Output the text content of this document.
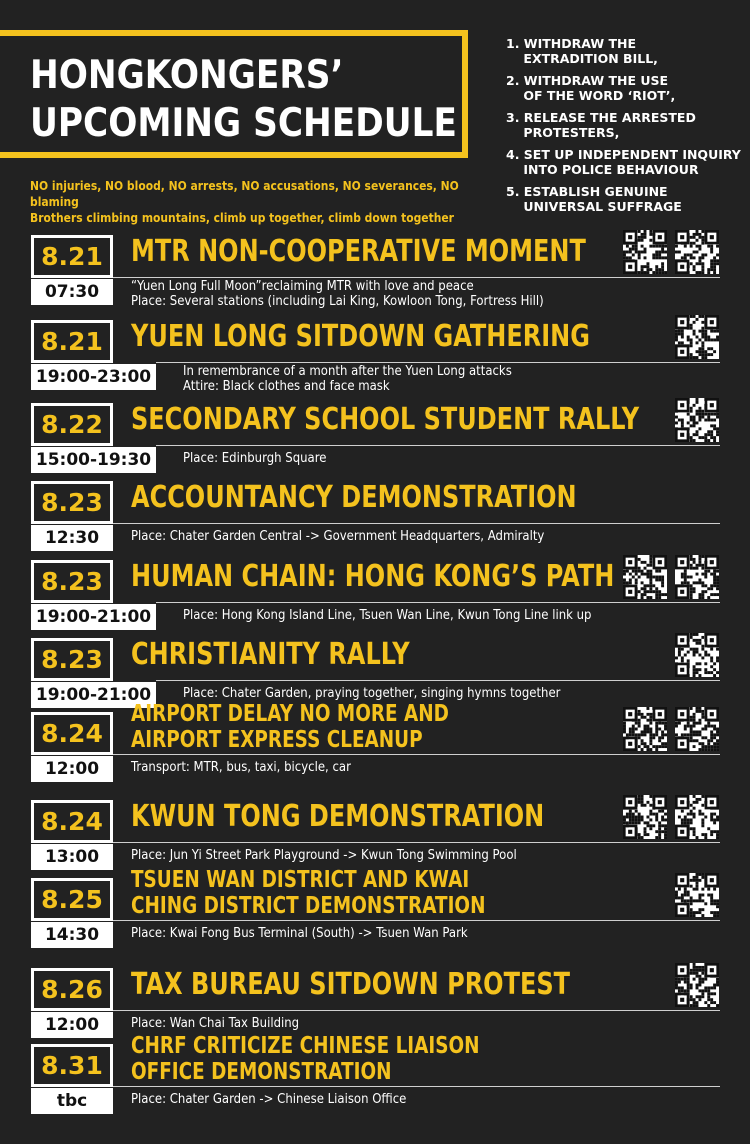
HONGKONGERS’
UPCOMING SCHEDULE
NO injuries, NO blood, NO arrests, NO accusations, NO severances, NO blaming
Brothers climbing mountains, climb up together, climb down together
1. WITHDRAW THE
EXTRADITION BILL,
2. WITHDRAW THE USE
OF THE WORD ‘RIOT’,
3. RELEASE THE ARRESTED
PROTESTERS,
4. SET UP INDEPENDENT INQUIRY
INTO POLICE BEHAVIOUR
5. ESTABLISH GENUINE
UNIVERSAL SUFFRAGE
8.21
07:30
MTR NON-COOPERATIVE MOMENT
“Yuen Long Full Moon”reclaiming MTR with love and peace
Place: Several stations (including Lai King, Kowloon Tong, Fortress Hill)
8.21
19:00-23:00
YUEN LONG SITDOWN GATHERING
In remembrance of a month after the Yuen Long attacks
Attire: Black clothes and face mask
8.22
15:00-19:30
SECONDARY SCHOOL STUDENT RALLY
Place: Edinburgh Square
8.23
12:30
ACCOUNTANCY DEMONSTRATION
Place: Chater Garden Central -> Government Headquarters, Admiralty
8.23
19:00-21:00
HUMAN CHAIN: HONG KONG’S PATH
Place: Hong Kong Island Line, Tsuen Wan Line, Kwun Tong Line link up
8.23
19:00-21:00
CHRISTIANITY RALLY
Place: Chater Garden, praying together, singing hymns together
8.24
12:00
AIRPORT DELAY NO MORE AND
AIRPORT EXPRESS CLEANUP
Transport: MTR, bus, taxi, bicycle, car
8.24
13:00
KWUN TONG DEMONSTRATION
Place: Jun Yi Street Park Playground -> Kwun Tong Swimming Pool
8.25
14:30
TSUEN WAN DISTRICT AND KWAI
CHING DISTRICT DEMONSTRATION
Place: Kwai Fong Bus Terminal (South) -> Tsuen Wan Park
8.26
12:00
TAX BUREAU SITDOWN PROTEST
Place: Wan Chai Tax Building
8.31
tbc
CHRF CRITICIZE CHINESE LIAISON
OFFICE DEMONSTRATION
Place: Chater Garden -> Chinese Liaison Office
